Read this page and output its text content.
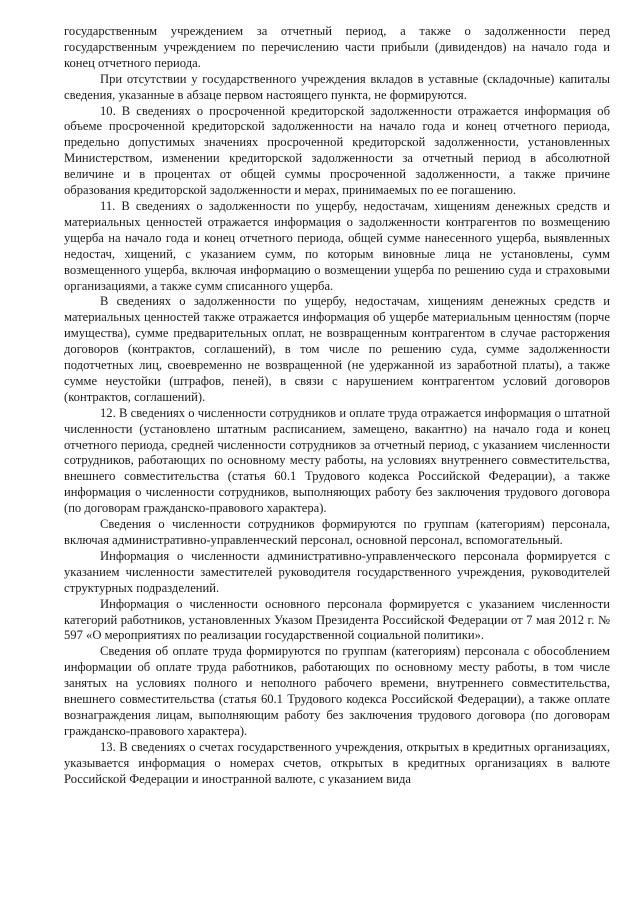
государственным учреждением за отчетный период, а также о задолженности перед государственным учреждением по перечислению части прибыли (дивидендов) на начало года и конец отчетного периода.

При отсутствии у государственного учреждения вкладов в уставные (складочные) капиталы сведения, указанные в абзаце первом настоящего пункта, не формируются.

10. В сведениях о просроченной кредиторской задолженности отражается информация об объеме просроченной кредиторской задолженности на начало года и конец отчетного периода, предельно допустимых значениях просроченной кредиторской задолженности, установленных Министерством, изменении кредиторской задолженности за отчетный период в абсолютной величине и в процентах от общей суммы просроченной задолженности, а также причине образования кредиторской задолженности и мерах, принимаемых по ее погашению.

11. В сведениях о задолженности по ущербу, недостачам, хищениям денежных средств и материальных ценностей отражается информация о задолженности контрагентов по возмещению ущерба на начало года и конец отчетного периода, общей сумме нанесенного ущерба, выявленных недостач, хищений, с указанием сумм, по которым виновные лица не установлены, сумм возмещенного ущерба, включая информацию о возмещении ущерба по решению суда и страховыми организациями, а также сумм списанного ущерба.

В сведениях о задолженности по ущербу, недостачам, хищениям денежных средств и материальных ценностей также отражается информация об ущербе материальным ценностям (порче имущества), сумме предварительных оплат, не возвращенным контрагентом в случае расторжения договоров (контрактов, соглашений), в том числе по решению суда, сумме задолженности подотчетных лиц, своевременно не возвращенной (не удержанной из заработной платы), а также сумме неустойки (штрафов, пеней), в связи с нарушением контрагентом условий договоров (контрактов, соглашений).

12. В сведениях о численности сотрудников и оплате труда отражается информация о штатной численности (установлено штатным расписанием, замещено, вакантно) на начало года и конец отчетного периода, средней численности сотрудников за отчетный период, с указанием численности сотрудников, работающих по основному месту работы, на условиях внутреннего совместительства, внешнего совместительства (статья 60.1 Трудового кодекса Российской Федерации), а также информация о численности сотрудников, выполняющих работу без заключения трудового договора (по договорам гражданско-правового характера).

Сведения о численности сотрудников формируются по группам (категориям) персонала, включая административно-управленческий персонал, основной персонал, вспомогательный.

Информация о численности административно-управленческого персонала формируется с указанием численности заместителей руководителя государственного учреждения, руководителей структурных подразделений.

Информация о численности основного персонала формируется с указанием численности категорий работников, установленных Указом Президента Российской Федерации от 7 мая 2012 г. № 597 «О мероприятиях по реализации государственной социальной политики».

Сведения об оплате труда формируются по группам (категориям) персонала с обособлением информации об оплате труда работников, работающих по основному месту работы, в том числе занятых на условиях полного и неполного рабочего времени, внутреннего совместительства, внешнего совместительства (статья 60.1 Трудового кодекса Российской Федерации), а также оплате вознаграждения лицам, выполняющим работу без заключения трудового договора (по договорам гражданско-правового характера).

13. В сведениях о счетах государственного учреждения, открытых в кредитных организациях, указывается информация о номерах счетов, открытых в кредитных организациях в валюте Российской Федерации и иностранной валюте, с указанием вида
